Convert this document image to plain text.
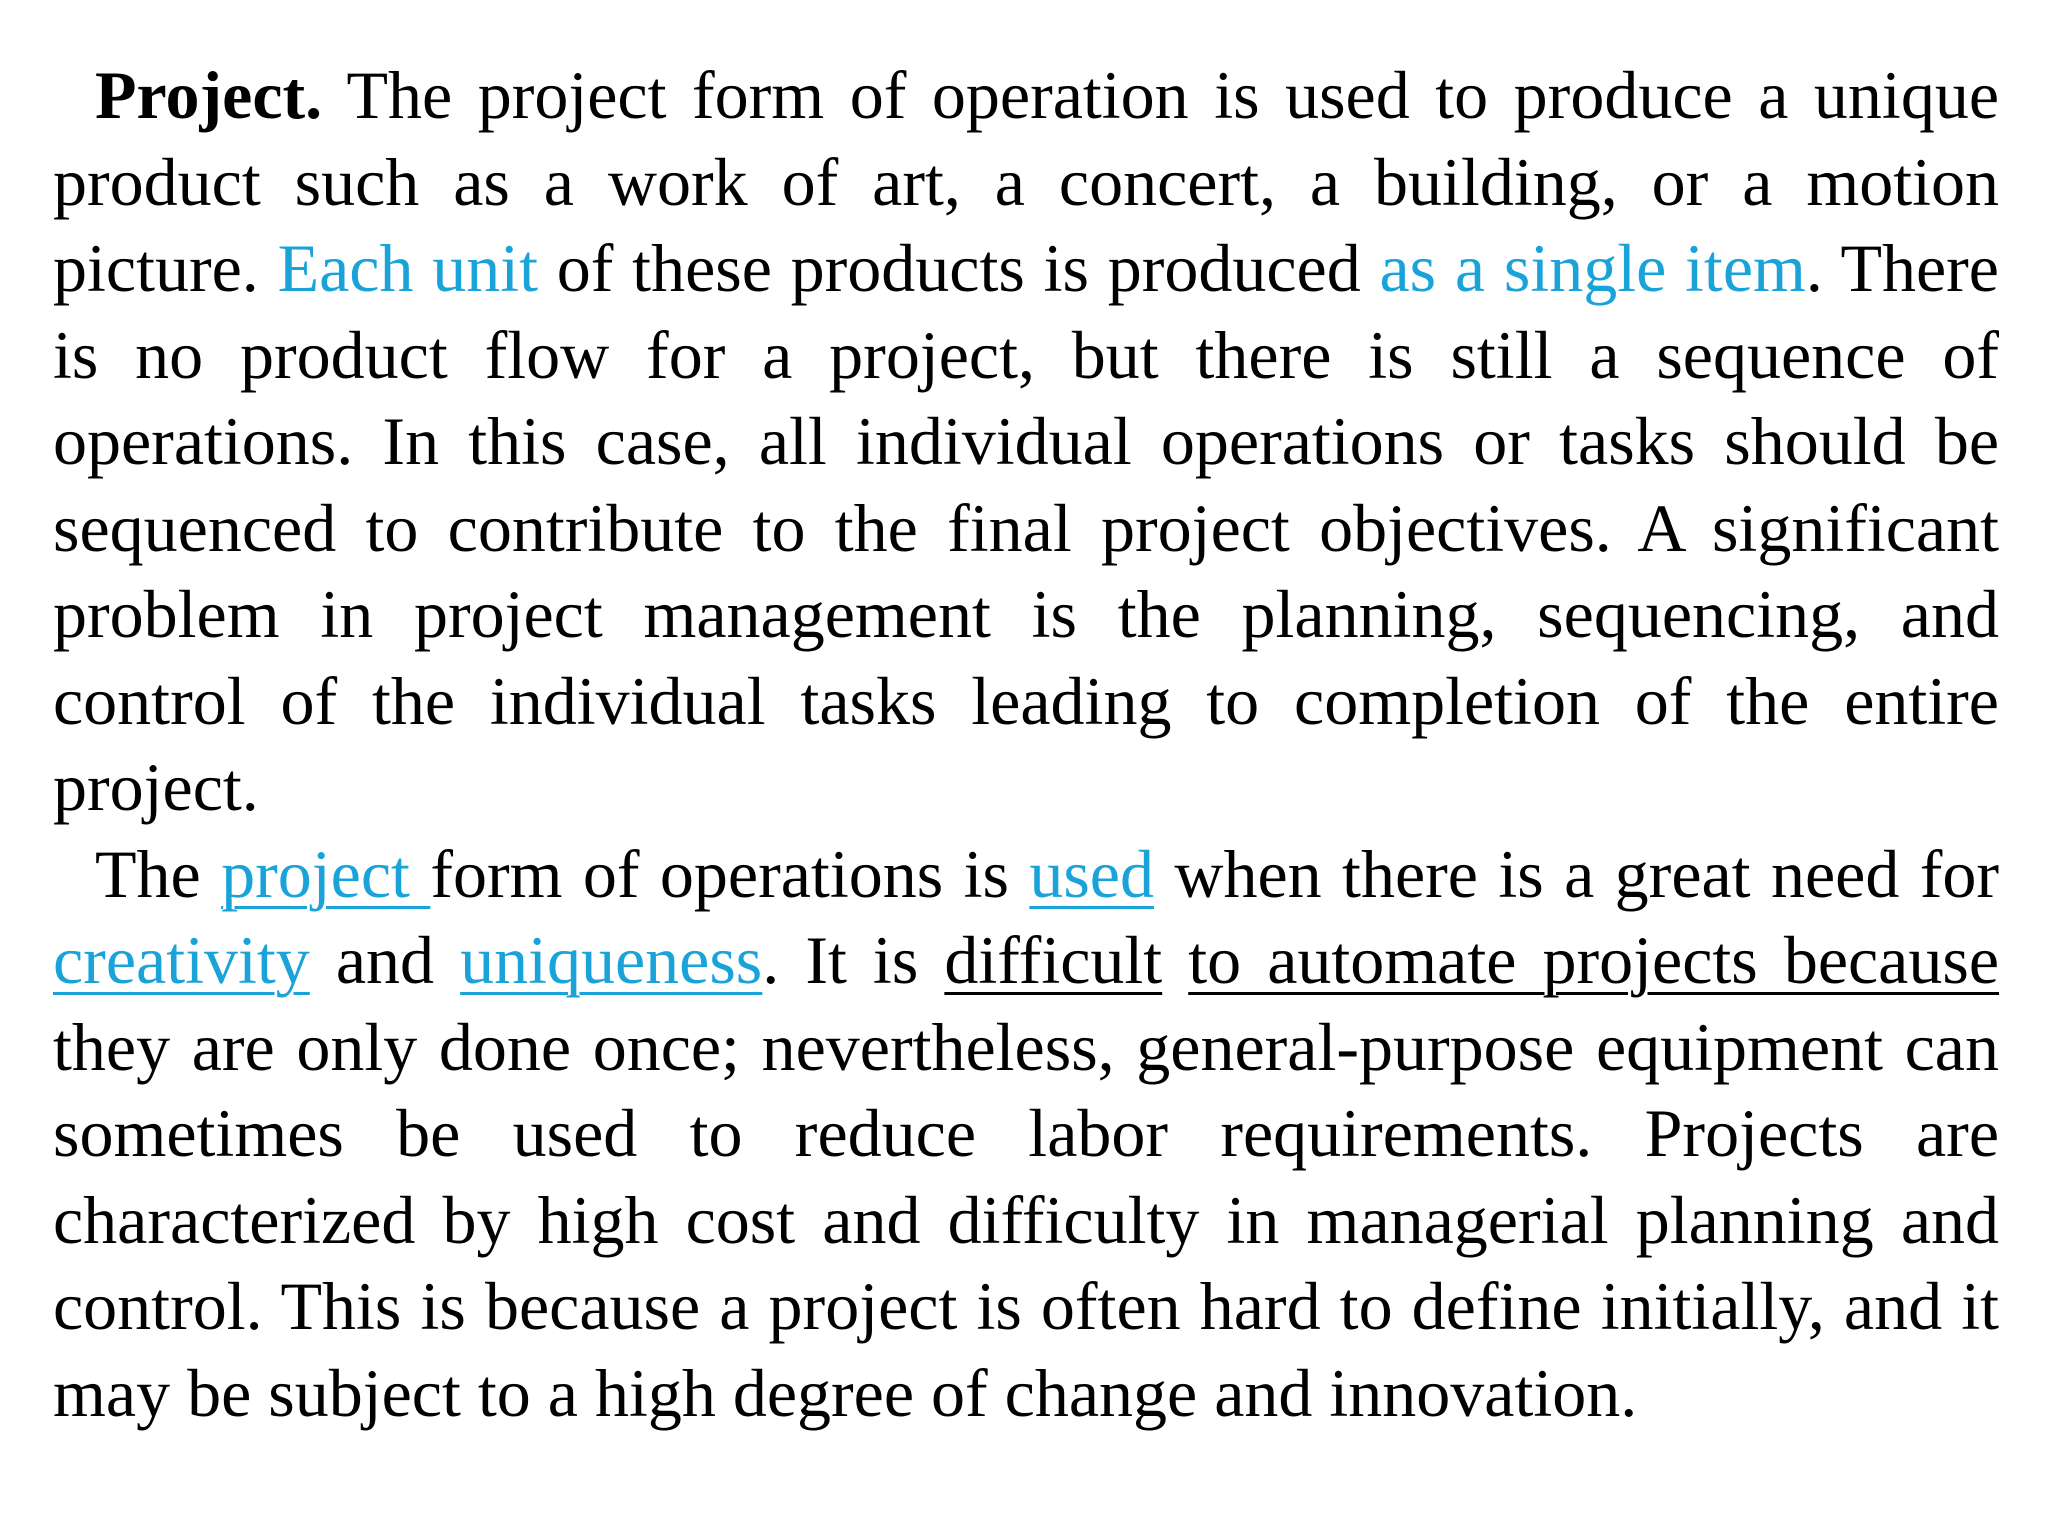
Project. The project form of operation is used to produce a unique product such as a work of art, a concert, a building, or a motion picture. Each unit of these products is produced as a single item. There is no product flow for a project, but there is still a sequence of operations. In this case, all individual operations or tasks should be sequenced to contribute to the final project objectives. A significant problem in project management is the planning, sequencing, and control of the individual tasks leading to completion of the entire project.

The project form of operations is used when there is a great need for creativity and uniqueness. It is difficult to automate projects because they are only done once; nevertheless, general-purpose equipment can sometimes be used to reduce labor requirements. Projects are characterized by high cost and difficulty in managerial planning and control. This is because a project is often hard to define initially, and it may be subject to a high degree of change and innovation.
